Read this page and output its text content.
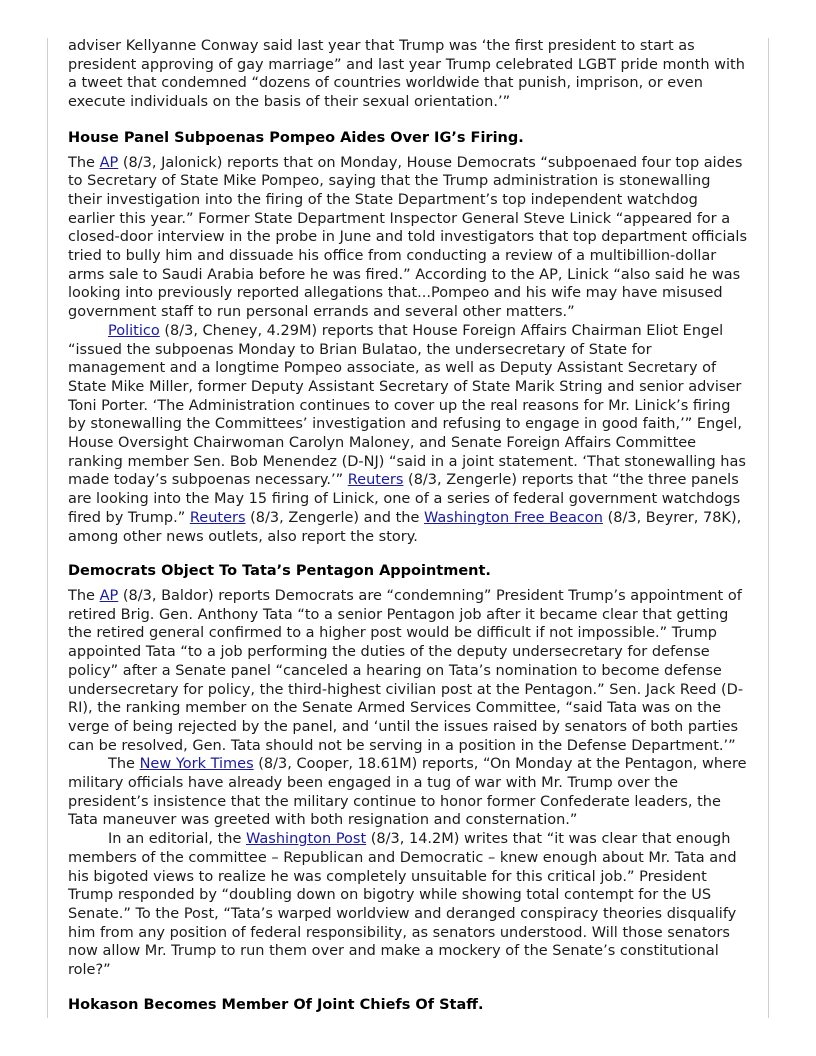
adviser Kellyanne Conway said last year that Trump was ‘the first president to start as president approving of gay marriage” and last year Trump celebrated LGBT pride month with a tweet that condemned “dozens of countries worldwide that punish, imprison, or even execute individuals on the basis of their sexual orientation.’”

House Panel Subpoenas Pompeo Aides Over IG’s Firing.

The AP (8/3, Jalonick) reports that on Monday, House Democrats “subpoenaed four top aides to Secretary of State Mike Pompeo, saying that the Trump administration is stonewalling their investigation into the firing of the State Department’s top independent watchdog earlier this year.” Former State Department Inspector General Steve Linick “appeared for a closed-door interview in the probe in June and told investigators that top department officials tried to bully him and dissuade his office from conducting a review of a multibillion-dollar arms sale to Saudi Arabia before he was fired.” According to the AP, Linick “also said he was looking into previously reported allegations that...Pompeo and his wife may have misused government staff to run personal errands and several other matters.”

Politico (8/3, Cheney, 4.29M) reports that House Foreign Affairs Chairman Eliot Engel “issued the subpoenas Monday to Brian Bulatao, the undersecretary of State for management and a longtime Pompeo associate, as well as Deputy Assistant Secretary of State Mike Miller, former Deputy Assistant Secretary of State Marik String and senior adviser Toni Porter. ‘The Administration continues to cover up the real reasons for Mr. Linick’s firing by stonewalling the Committees’ investigation and refusing to engage in good faith,’” Engel, House Oversight Chairwoman Carolyn Maloney, and Senate Foreign Affairs Committee ranking member Sen. Bob Menendez (D-NJ) “said in a joint statement. ‘That stonewalling has made today’s subpoenas necessary.’” Reuters (8/3, Zengerle) reports that “the three panels are looking into the May 15 firing of Linick, one of a series of federal government watchdogs fired by Trump.” Reuters (8/3, Zengerle) and the Washington Free Beacon (8/3, Beyrer, 78K), among other news outlets, also report the story.

Democrats Object To Tata’s Pentagon Appointment.

The AP (8/3, Baldor) reports Democrats are “condemning” President Trump’s appointment of retired Brig. Gen. Anthony Tata “to a senior Pentagon job after it became clear that getting the retired general confirmed to a higher post would be difficult if not impossible.” Trump appointed Tata “to a job performing the duties of the deputy undersecretary for defense policy” after a Senate panel “canceled a hearing on Tata’s nomination to become defense undersecretary for policy, the third-highest civilian post at the Pentagon.” Sen. Jack Reed (D-RI), the ranking member on the Senate Armed Services Committee, “said Tata was on the verge of being rejected by the panel, and ‘until the issues raised by senators of both parties can be resolved, Gen. Tata should not be serving in a position in the Defense Department.’”

The New York Times (8/3, Cooper, 18.61M) reports, “On Monday at the Pentagon, where military officials have already been engaged in a tug of war with Mr. Trump over the president’s insistence that the military continue to honor former Confederate leaders, the Tata maneuver was greeted with both resignation and consternation.”

In an editorial, the Washington Post (8/3, 14.2M) writes that “it was clear that enough members of the committee – Republican and Democratic – knew enough about Mr. Tata and his bigoted views to realize he was completely unsuitable for this critical job.” President Trump responded by “doubling down on bigotry while showing total contempt for the US Senate.” To the Post, “Tata’s warped worldview and deranged conspiracy theories disqualify him from any position of federal responsibility, as senators understood. Will those senators now allow Mr. Trump to run them over and make a mockery of the Senate’s constitutional role?”

Hokason Becomes Member Of Joint Chiefs Of Staff.
